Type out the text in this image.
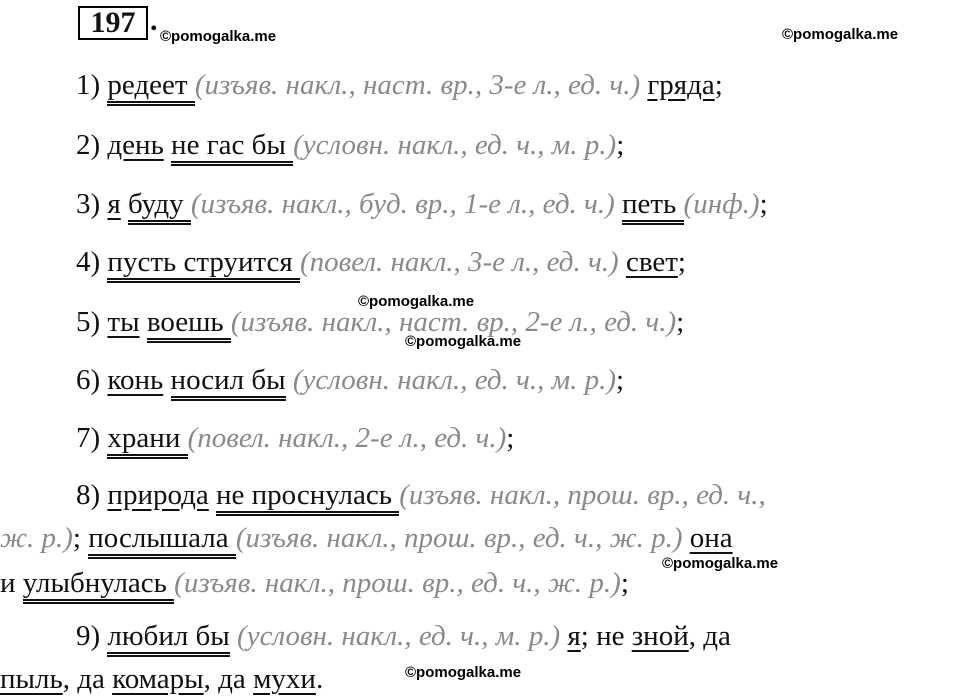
197 . ©pomogalka.me	©pomogalka.me
©pomogalka.me
©pomogalka.me
©pomogalka.me
©pomogalka.me
1) редеет (изъяв. накл., наст. вр., 3-е л., ед. ч.) гряда;
2) день не гас бы (условн. накл., ед. ч., м. р.);
3) я буду (изъяв. накл., буд. вр., 1-е л., ед. ч.) петь (инф.);
4) пусть струится (повел. накл., 3-е л., ед. ч.) свет;
5) ты воешь (изъяв. накл., наст. вр., 2-е л., ед. ч.);
6) конь носил бы (условн. накл., ед. ч., м. р.);
7) храни (повел. накл., 2-е л., ед. ч.);
8) природа не проснулась (изъяв. накл., прош. вр., ед. ч.,
ж. р.); послышала (изъяв. накл., прош. вр., ед. ч., ж. р.) она
и улыбнулась (изъяв. накл., прош. вр., ед. ч., ж. р.);
9) любил бы (условн. накл., ед. ч., м. р.) я; не зной, да
пыль, да комары, да мухи.
